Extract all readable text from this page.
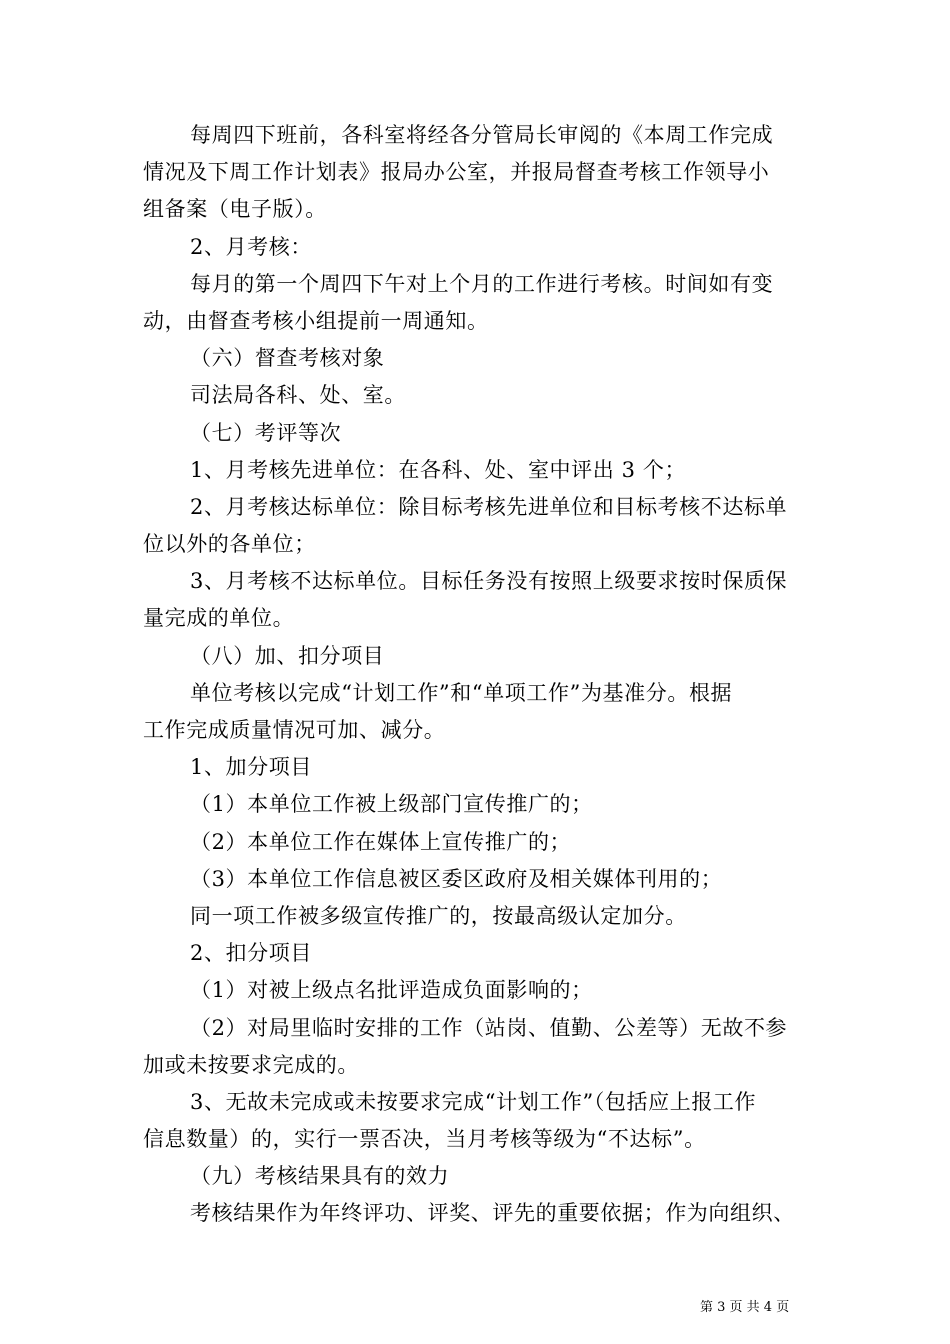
每周四下班前，各科室将经各分管局长审阅的《本周工作完成
情况及下周工作计划表》报局办公室，并报局督查考核工作领导小
组备案（电子版）。
2、月考核：
每月的第一个周四下午对上个月的工作进行考核。时间如有变
动，由督查考核小组提前一周通知。
（六）督查考核对象
司法局各科、处、室。
（七）考评等次
1、月考核先进单位：在各科、处、室中评出 3 个；
2、月考核达标单位：除目标考核先进单位和目标考核不达标单
位以外的各单位；
3、月考核不达标单位。目标任务没有按照上级要求按时保质保
量完成的单位。
（八）加、扣分项目
单位考核以完成“计划工作”和“单项工作”为基准分。根据
工作完成质量情况可加、减分。
1、加分项目
（1）本单位工作被上级部门宣传推广的；
（2）本单位工作在媒体上宣传推广的；
（3）本单位工作信息被区委区政府及相关媒体刊用的；
同一项工作被多级宣传推广的，按最高级认定加分。
2、扣分项目
（1）对被上级点名批评造成负面影响的；
（2）对局里临时安排的工作（站岗、值勤、公差等）无故不参
加或未按要求完成的。
3、无故未完成或未按要求完成“计划工作”（包括应上报工作
信息数量）的，实行一票否决，当月考核等级为“不达标”。
（九）考核结果具有的效力
考核结果作为年终评功、评奖、评先的重要依据；作为向组织、
第 3 页 共 4 页
